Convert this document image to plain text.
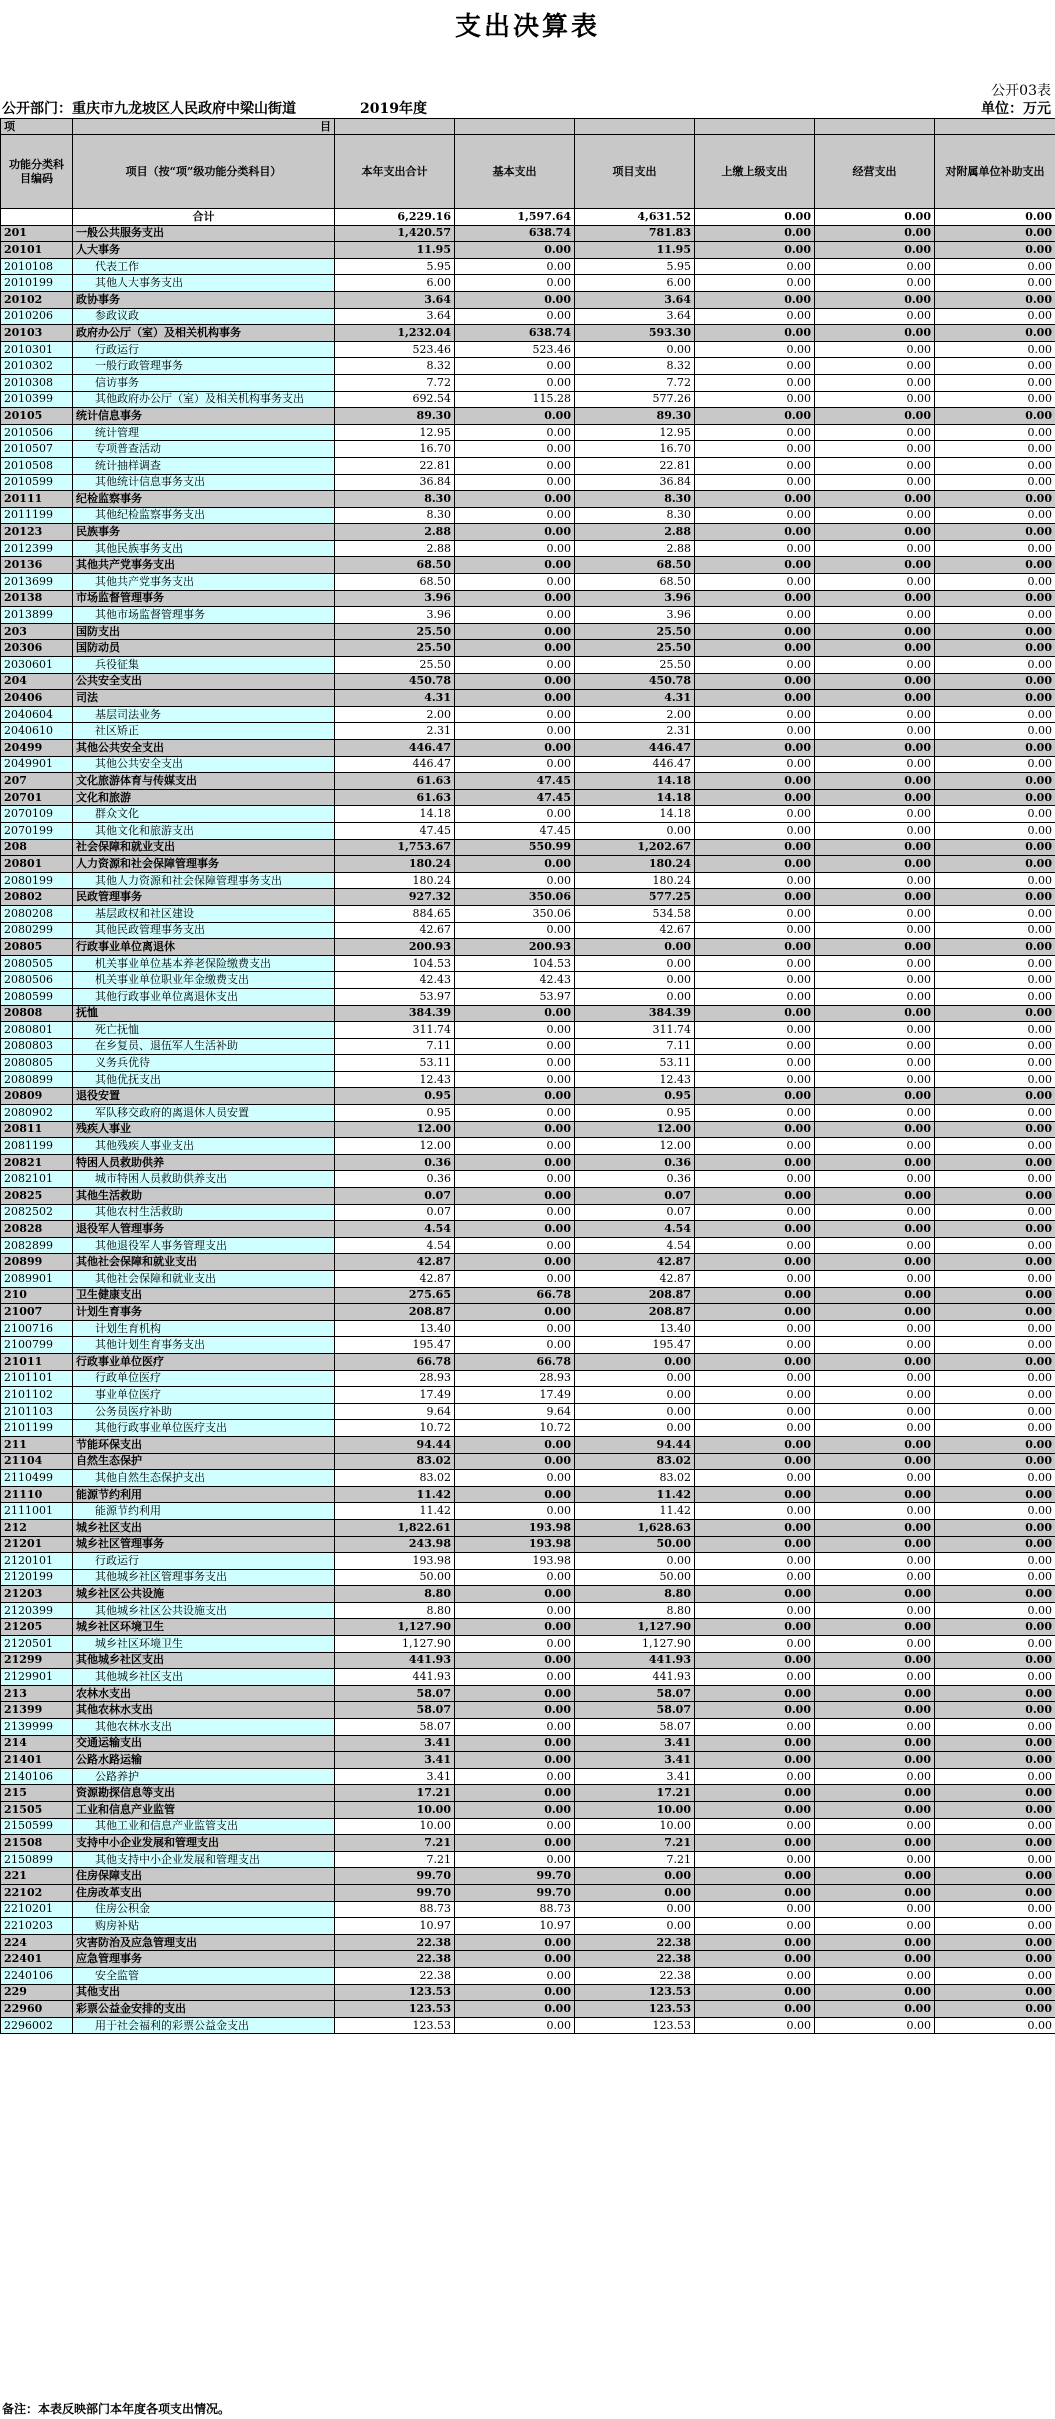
支出决算表
公开03表
公开部门：重庆市九龙坡区人民政府中梁山街道	2019年度	单位：万元
项	目						
功能分类科目编码	项目（按“项”级功能分类科目）	本年支出合计	基本支出	项目支出	上缴上级支出	经营支出	对附属单位补助支出
	合计	6,229.16	1,597.64	4,631.52	0.00	0.00	0.00
201	一般公共服务支出	1,420.57	638.74	781.83	0.00	0.00	0.00
20101	人大事务	11.95	0.00	11.95	0.00	0.00	0.00
2010108	代表工作	5.95	0.00	5.95	0.00	0.00	0.00
2010199	其他人大事务支出	6.00	0.00	6.00	0.00	0.00	0.00
20102	政协事务	3.64	0.00	3.64	0.00	0.00	0.00
2010206	参政议政	3.64	0.00	3.64	0.00	0.00	0.00
20103	政府办公厅（室）及相关机构事务	1,232.04	638.74	593.30	0.00	0.00	0.00
2010301	行政运行	523.46	523.46	0.00	0.00	0.00	0.00
2010302	一般行政管理事务	8.32	0.00	8.32	0.00	0.00	0.00
2010308	信访事务	7.72	0.00	7.72	0.00	0.00	0.00
2010399	其他政府办公厅（室）及相关机构事务支出	692.54	115.28	577.26	0.00	0.00	0.00
20105	统计信息事务	89.30	0.00	89.30	0.00	0.00	0.00
2010506	统计管理	12.95	0.00	12.95	0.00	0.00	0.00
2010507	专项普查活动	16.70	0.00	16.70	0.00	0.00	0.00
2010508	统计抽样调查	22.81	0.00	22.81	0.00	0.00	0.00
2010599	其他统计信息事务支出	36.84	0.00	36.84	0.00	0.00	0.00
20111	纪检监察事务	8.30	0.00	8.30	0.00	0.00	0.00
2011199	其他纪检监察事务支出	8.30	0.00	8.30	0.00	0.00	0.00
20123	民族事务	2.88	0.00	2.88	0.00	0.00	0.00
2012399	其他民族事务支出	2.88	0.00	2.88	0.00	0.00	0.00
20136	其他共产党事务支出	68.50	0.00	68.50	0.00	0.00	0.00
2013699	其他共产党事务支出	68.50	0.00	68.50	0.00	0.00	0.00
20138	市场监督管理事务	3.96	0.00	3.96	0.00	0.00	0.00
2013899	其他市场监督管理事务	3.96	0.00	3.96	0.00	0.00	0.00
203	国防支出	25.50	0.00	25.50	0.00	0.00	0.00
20306	国防动员	25.50	0.00	25.50	0.00	0.00	0.00
2030601	兵役征集	25.50	0.00	25.50	0.00	0.00	0.00
204	公共安全支出	450.78	0.00	450.78	0.00	0.00	0.00
20406	司法	4.31	0.00	4.31	0.00	0.00	0.00
2040604	基层司法业务	2.00	0.00	2.00	0.00	0.00	0.00
2040610	社区矫正	2.31	0.00	2.31	0.00	0.00	0.00
20499	其他公共安全支出	446.47	0.00	446.47	0.00	0.00	0.00
2049901	其他公共安全支出	446.47	0.00	446.47	0.00	0.00	0.00
207	文化旅游体育与传媒支出	61.63	47.45	14.18	0.00	0.00	0.00
20701	文化和旅游	61.63	47.45	14.18	0.00	0.00	0.00
2070109	群众文化	14.18	0.00	14.18	0.00	0.00	0.00
2070199	其他文化和旅游支出	47.45	47.45	0.00	0.00	0.00	0.00
208	社会保障和就业支出	1,753.67	550.99	1,202.67	0.00	0.00	0.00
20801	人力资源和社会保障管理事务	180.24	0.00	180.24	0.00	0.00	0.00
2080199	其他人力资源和社会保障管理事务支出	180.24	0.00	180.24	0.00	0.00	0.00
20802	民政管理事务	927.32	350.06	577.25	0.00	0.00	0.00
2080208	基层政权和社区建设	884.65	350.06	534.58	0.00	0.00	0.00
2080299	其他民政管理事务支出	42.67	0.00	42.67	0.00	0.00	0.00
20805	行政事业单位离退休	200.93	200.93	0.00	0.00	0.00	0.00
2080505	机关事业单位基本养老保险缴费支出	104.53	104.53	0.00	0.00	0.00	0.00
2080506	机关事业单位职业年金缴费支出	42.43	42.43	0.00	0.00	0.00	0.00
2080599	其他行政事业单位离退休支出	53.97	53.97	0.00	0.00	0.00	0.00
20808	抚恤	384.39	0.00	384.39	0.00	0.00	0.00
2080801	死亡抚恤	311.74	0.00	311.74	0.00	0.00	0.00
2080803	在乡复员、退伍军人生活补助	7.11	0.00	7.11	0.00	0.00	0.00
2080805	义务兵优待	53.11	0.00	53.11	0.00	0.00	0.00
2080899	其他优抚支出	12.43	0.00	12.43	0.00	0.00	0.00
20809	退役安置	0.95	0.00	0.95	0.00	0.00	0.00
2080902	军队移交政府的离退休人员安置	0.95	0.00	0.95	0.00	0.00	0.00
20811	残疾人事业	12.00	0.00	12.00	0.00	0.00	0.00
2081199	其他残疾人事业支出	12.00	0.00	12.00	0.00	0.00	0.00
20821	特困人员救助供养	0.36	0.00	0.36	0.00	0.00	0.00
2082101	城市特困人员救助供养支出	0.36	0.00	0.36	0.00	0.00	0.00
20825	其他生活救助	0.07	0.00	0.07	0.00	0.00	0.00
2082502	其他农村生活救助	0.07	0.00	0.07	0.00	0.00	0.00
20828	退役军人管理事务	4.54	0.00	4.54	0.00	0.00	0.00
2082899	其他退役军人事务管理支出	4.54	0.00	4.54	0.00	0.00	0.00
20899	其他社会保障和就业支出	42.87	0.00	42.87	0.00	0.00	0.00
2089901	其他社会保障和就业支出	42.87	0.00	42.87	0.00	0.00	0.00
210	卫生健康支出	275.65	66.78	208.87	0.00	0.00	0.00
21007	计划生育事务	208.87	0.00	208.87	0.00	0.00	0.00
2100716	计划生育机构	13.40	0.00	13.40	0.00	0.00	0.00
2100799	其他计划生育事务支出	195.47	0.00	195.47	0.00	0.00	0.00
21011	行政事业单位医疗	66.78	66.78	0.00	0.00	0.00	0.00
2101101	行政单位医疗	28.93	28.93	0.00	0.00	0.00	0.00
2101102	事业单位医疗	17.49	17.49	0.00	0.00	0.00	0.00
2101103	公务员医疗补助	9.64	9.64	0.00	0.00	0.00	0.00
2101199	其他行政事业单位医疗支出	10.72	10.72	0.00	0.00	0.00	0.00
211	节能环保支出	94.44	0.00	94.44	0.00	0.00	0.00
21104	自然生态保护	83.02	0.00	83.02	0.00	0.00	0.00
2110499	其他自然生态保护支出	83.02	0.00	83.02	0.00	0.00	0.00
21110	能源节约利用	11.42	0.00	11.42	0.00	0.00	0.00
2111001	能源节约利用	11.42	0.00	11.42	0.00	0.00	0.00
212	城乡社区支出	1,822.61	193.98	1,628.63	0.00	0.00	0.00
21201	城乡社区管理事务	243.98	193.98	50.00	0.00	0.00	0.00
2120101	行政运行	193.98	193.98	0.00	0.00	0.00	0.00
2120199	其他城乡社区管理事务支出	50.00	0.00	50.00	0.00	0.00	0.00
21203	城乡社区公共设施	8.80	0.00	8.80	0.00	0.00	0.00
2120399	其他城乡社区公共设施支出	8.80	0.00	8.80	0.00	0.00	0.00
21205	城乡社区环境卫生	1,127.90	0.00	1,127.90	0.00	0.00	0.00
2120501	城乡社区环境卫生	1,127.90	0.00	1,127.90	0.00	0.00	0.00
21299	其他城乡社区支出	441.93	0.00	441.93	0.00	0.00	0.00
2129901	其他城乡社区支出	441.93	0.00	441.93	0.00	0.00	0.00
213	农林水支出	58.07	0.00	58.07	0.00	0.00	0.00
21399	其他农林水支出	58.07	0.00	58.07	0.00	0.00	0.00
2139999	其他农林水支出	58.07	0.00	58.07	0.00	0.00	0.00
214	交通运输支出	3.41	0.00	3.41	0.00	0.00	0.00
21401	公路水路运输	3.41	0.00	3.41	0.00	0.00	0.00
2140106	公路养护	3.41	0.00	3.41	0.00	0.00	0.00
215	资源勘探信息等支出	17.21	0.00	17.21	0.00	0.00	0.00
21505	工业和信息产业监管	10.00	0.00	10.00	0.00	0.00	0.00
2150599	其他工业和信息产业监管支出	10.00	0.00	10.00	0.00	0.00	0.00
21508	支持中小企业发展和管理支出	7.21	0.00	7.21	0.00	0.00	0.00
2150899	其他支持中小企业发展和管理支出	7.21	0.00	7.21	0.00	0.00	0.00
221	住房保障支出	99.70	99.70	0.00	0.00	0.00	0.00
22102	住房改革支出	99.70	99.70	0.00	0.00	0.00	0.00
2210201	住房公积金	88.73	88.73	0.00	0.00	0.00	0.00
2210203	购房补贴	10.97	10.97	0.00	0.00	0.00	0.00
224	灾害防治及应急管理支出	22.38	0.00	22.38	0.00	0.00	0.00
22401	应急管理事务	22.38	0.00	22.38	0.00	0.00	0.00
2240106	安全监管	22.38	0.00	22.38	0.00	0.00	0.00
229	其他支出	123.53	0.00	123.53	0.00	0.00	0.00
22960	彩票公益金安排的支出	123.53	0.00	123.53	0.00	0.00	0.00
2296002	用于社会福利的彩票公益金支出	123.53	0.00	123.53	0.00	0.00	0.00
备注：本表反映部门本年度各项支出情况。
